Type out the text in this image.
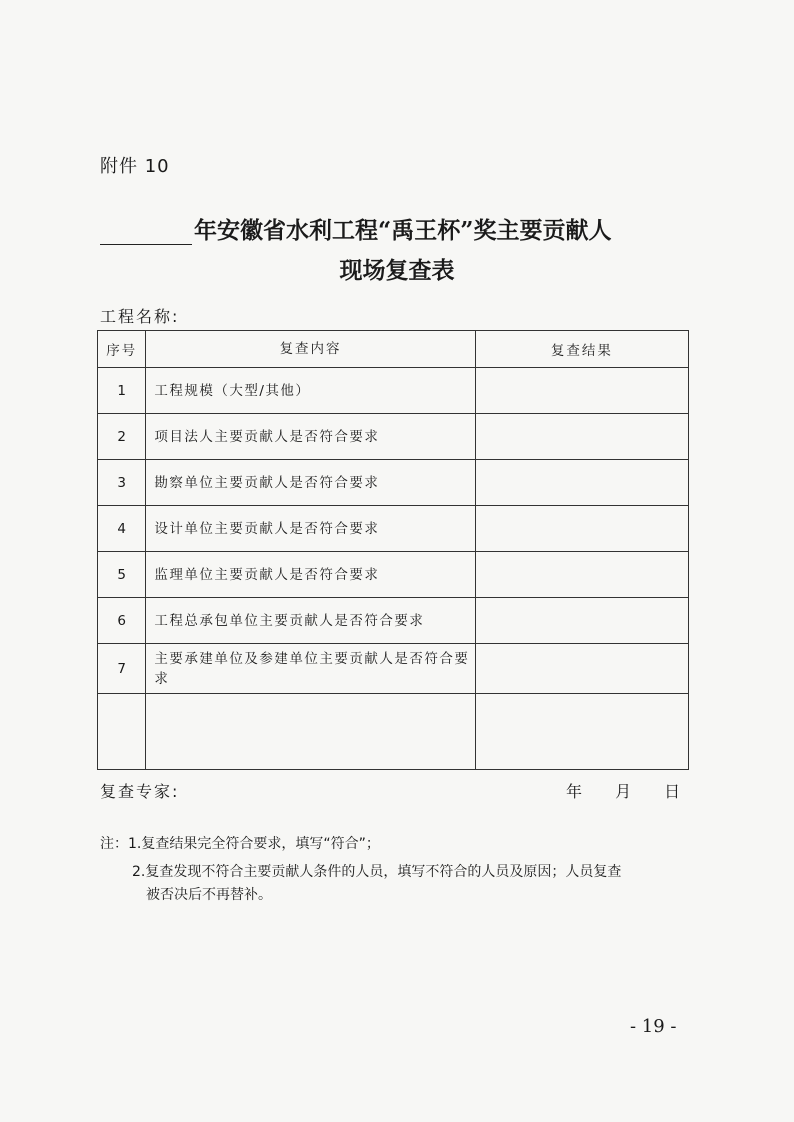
附件 10
年安徽省水利工程“禹王杯”奖主要贡献人
现场复查表
工程名称:
序号	复查内容	复查结果
1	工程规模（大型/其他）	
2	项目法人主要贡献人是否符合要求	
3	勘察单位主要贡献人是否符合要求	
4	设计单位主要贡献人是否符合要求	
5	监理单位主要贡献人是否符合要求	
6	工程总承包单位主要贡献人是否符合要求	
7	主要承建单位及参建单位主要贡献人是否符合要求	

复查专家:	年 月 日
注：1.复查结果完全符合要求，填写“符合”；
2.复查发现不符合主要贡献人条件的人员，填写不符合的人员及原因；人员复查
被否决后不再替补。
- 19 -
